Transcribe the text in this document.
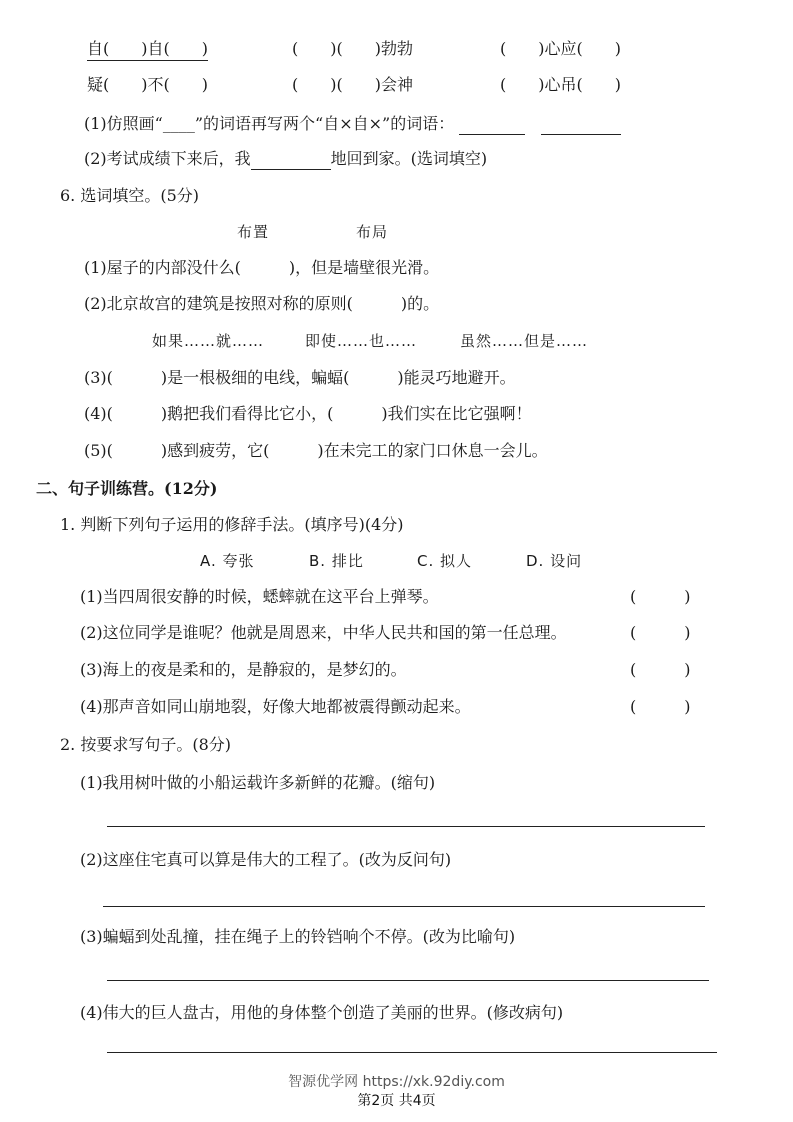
自(　　)自(　　)	(　　)(　　)勃勃	(　　)心应(　　)
疑(　　)不(　　)	(　　)(　　)会神	(　　)心吊(　　)
(1)仿照画“____”的词语再写两个“自×自×”的词语：
(2)考试成绩下来后，我	地回到家。(选词填空)
6. 选词填空。(5分)
布置	布局
(1)屋子的内部没什么(　　　)，但是墙壁很光滑。
(2)北京故宫的建筑是按照对称的原则(　　　)的。
如果……就……	即使……也……	虽然……但是……
(3)(　　　)是一根极细的电线，蝙蝠(　　　)能灵巧地避开。
(4)(　　　)鹅把我们看得比它小，(　　　)我们实在比它强啊！
(5)(　　　)感到疲劳，它(　　　)在未完工的家门口休息一会儿。
二、句子训练营。(12分)
1. 判断下列句子运用的修辞手法。(填序号)(4分)
A. 夸张	B. 排比	C. 拟人	D. 设问
(1)当四周很安静的时候，蟋蟀就在这平台上弹琴。	(　　　)
(2)这位同学是谁呢？他就是周恩来，中华人民共和国的第一任总理。	(　　　)
(3)海上的夜是柔和的，是静寂的，是梦幻的。	(　　　)
(4)那声音如同山崩地裂，好像大地都被震得颤动起来。	(　　　)
2. 按要求写句子。(8分)
(1)我用树叶做的小船运载许多新鲜的花瓣。(缩句)
(2)这座住宅真可以算是伟大的工程了。(改为反问句)
(3)蝙蝠到处乱撞，挂在绳子上的铃铛响个不停。(改为比喻句)
(4)伟大的巨人盘古，用他的身体整个创造了美丽的世界。(修改病句)
智源优学网 https://xk.92diy.com
第2页 共4页
